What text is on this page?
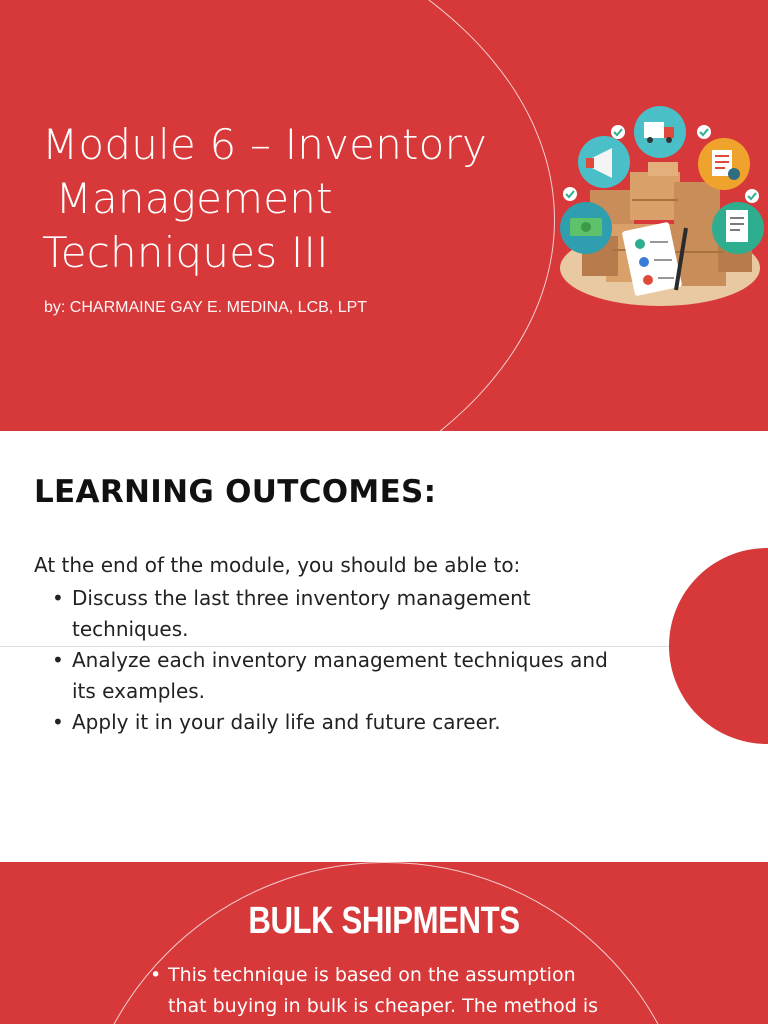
Module 6 – Inventory
Management
Techniques III
by: CHARMAINE GAY E. MEDINA, LCB, LPT
LEARNING OUTCOMES:
At the end of the module, you should be able to:
• Discuss the last three inventory management techniques.
• Analyze each inventory management techniques and its examples.
• Apply it in your daily life and future career.
BULK SHIPMENTS
• This technique is based on the assumption that buying in bulk is cheaper. The method is
